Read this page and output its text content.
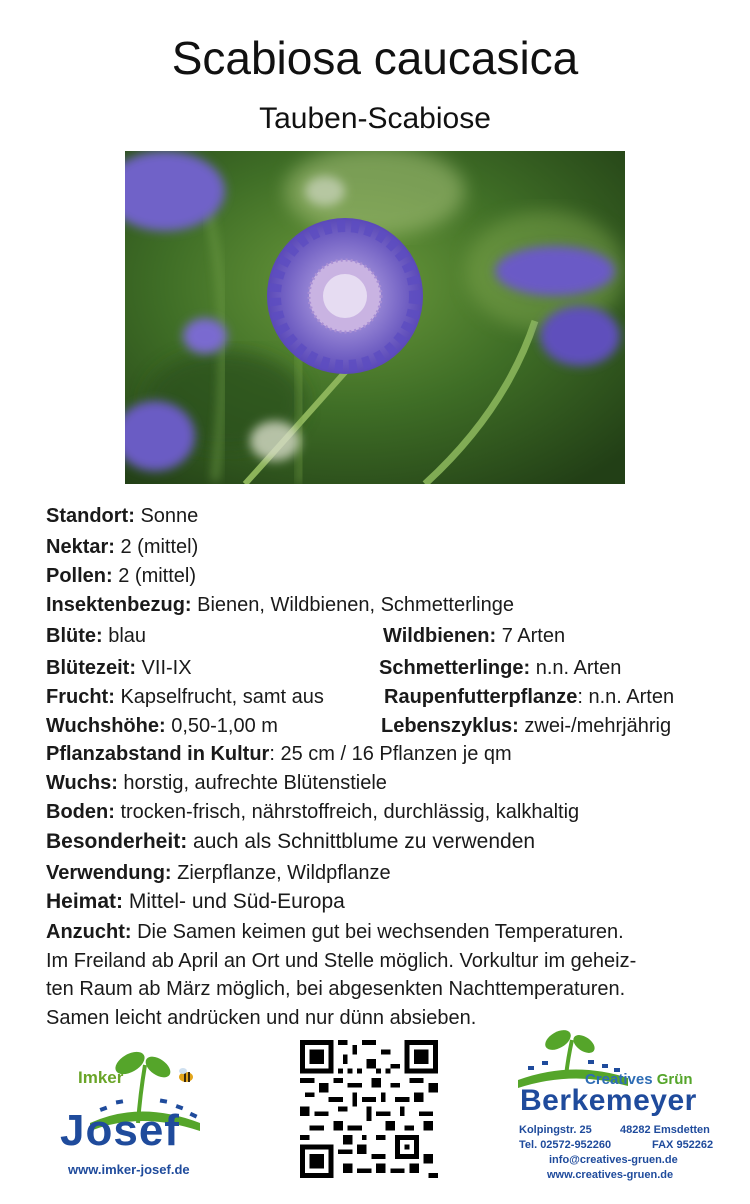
Scabiosa caucasica
Tauben-Scabiose
Standort: Sonne
Nektar: 2 (mittel)
Pollen: 2 (mittel)
Insektenbezug: Bienen, Wildbienen, Schmetterlinge
Blüte: blau	Wildbienen: 7 Arten
Blütezeit: VII-IX	Schmetterlinge: n.n. Arten
Frucht: Kapselfrucht, samt aus	Raupenfutterpflanze: n.n. Arten
Wuchshöhe: 0,50-1,00 m	Lebenszyklus: zwei-/mehrjährig
Pflanzabstand in Kultur: 25 cm / 16 Pflanzen je qm
Wuchs: horstig, aufrechte Blütenstiele
Boden: trocken-frisch, nährstoffreich, durchlässig, kalkhaltig
Besonderheit: auch als Schnittblume zu verwenden
Verwendung: Zierpflanze, Wildpflanze
Heimat: Mittel- und Süd-Europa
Anzucht: Die Samen keimen gut bei wechsenden Temperaturen.
Im Freiland ab April an Ort und Stelle möglich. Vorkultur im geheiz-
ten Raum ab März möglich, bei abgesenkten Nachttemperaturen.
Samen leicht andrücken und nur dünn absieben.
Imker
Josef
www.imker-josef.de
Creatives Grün
Berkemeyer
Kolpingstr. 25	48282 Emsdetten
Tel. 02572-952260	FAX 952262
info@creatives-gruen.de
www.creatives-gruen.de
